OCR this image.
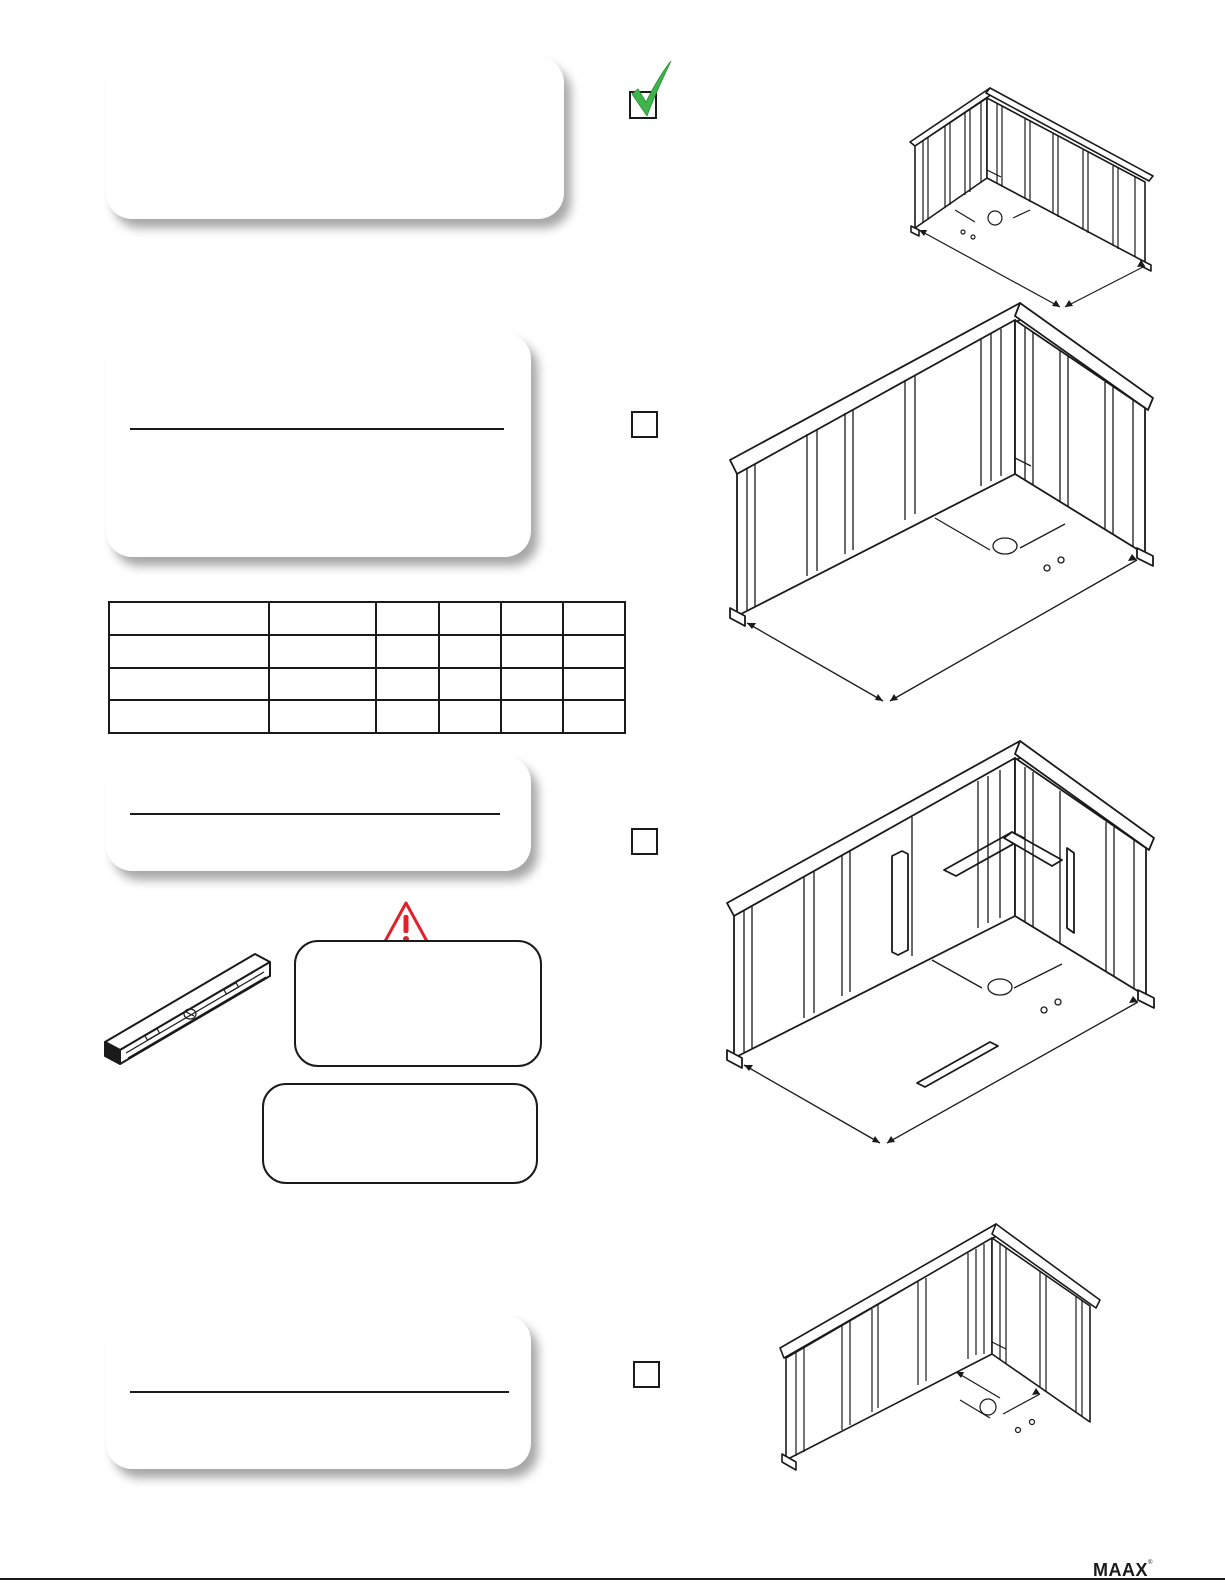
MAAX®
